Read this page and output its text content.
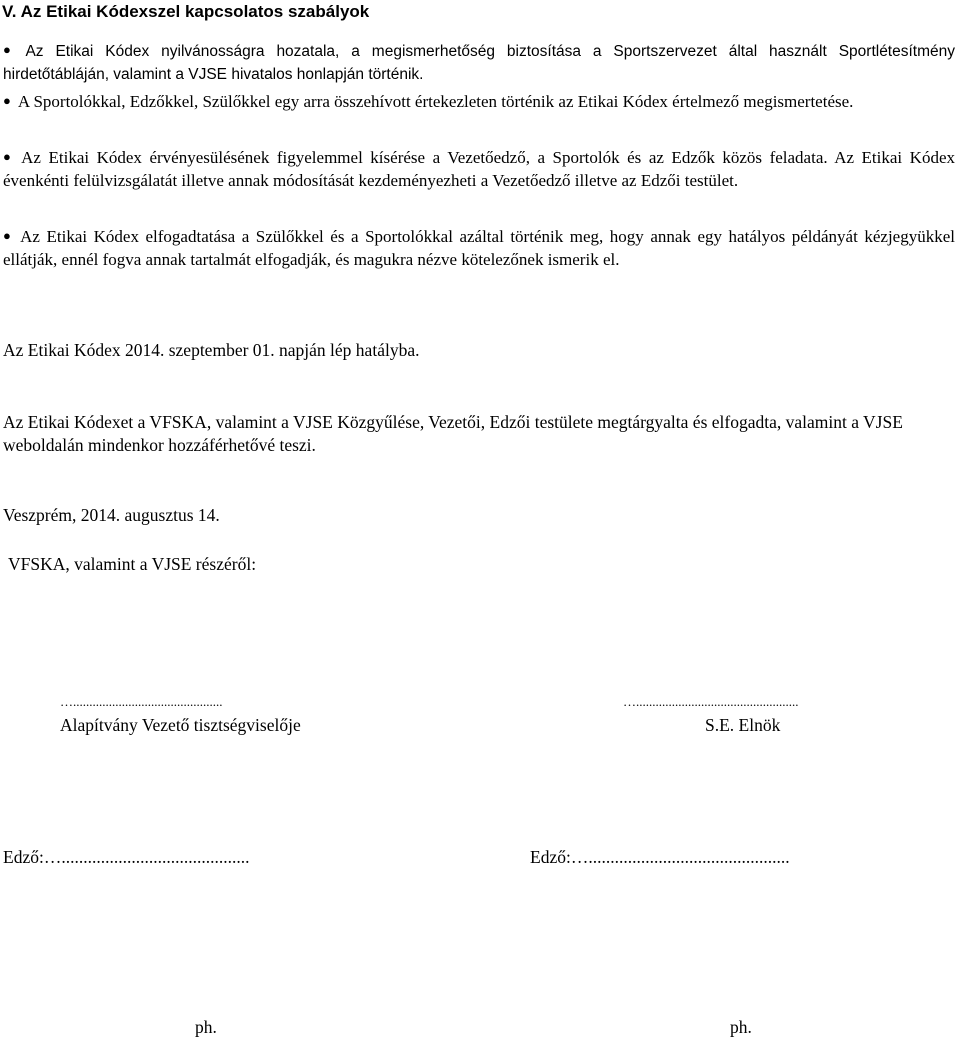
V. Az Etikai Kódexszel kapcsolatos szabályok
● Az Etikai Kódex nyilvánosságra hozatala, a megismerhetőség biztosítása a Sportszervezet által használt Sportlétesítmény hirdetőtábláján, valamint a VJSE hivatalos honlapján történik.
● A Sportolókkal, Edzőkkel, Szülőkkel egy arra összehívott értekezleten történik az Etikai Kódex értelmező megismertetése.
● Az Etikai Kódex érvényesülésének figyelemmel kísérése a Vezetőedző, a Sportolók és az Edzők közös feladata. Az Etikai Kódex évenkénti felülvizsgálatát illetve annak módosítását kezdeményezheti a Vezetőedző illetve az Edzői testület.
● Az Etikai Kódex elfogadtatása a Szülőkkel és a Sportolókkal azáltal történik meg, hogy annak egy hatályos példányát kézjegyükkel ellátják, ennél fogva annak tartalmát elfogadják, és magukra nézve kötelezőnek ismerik el.
Az Etikai Kódex 2014. szeptember 01. napján lép hatályba.
Az Etikai Kódexet a VFSKA, valamint a VJSE Közgyűlése, Vezetői, Edzői testülete megtárgyalta és elfogadta, valamint a VJSE weboldalán mindenkor hozzáférhetővé teszi.
Veszprém, 2014. augusztus 14.
VFSKA, valamint a VJSE részéről:
…..............................................
Alapítvány Vezető tisztségviselője
…..................................................
S.E. Elnök
Edző:…...........................................	Edző:…..............................................
ph.	ph.
